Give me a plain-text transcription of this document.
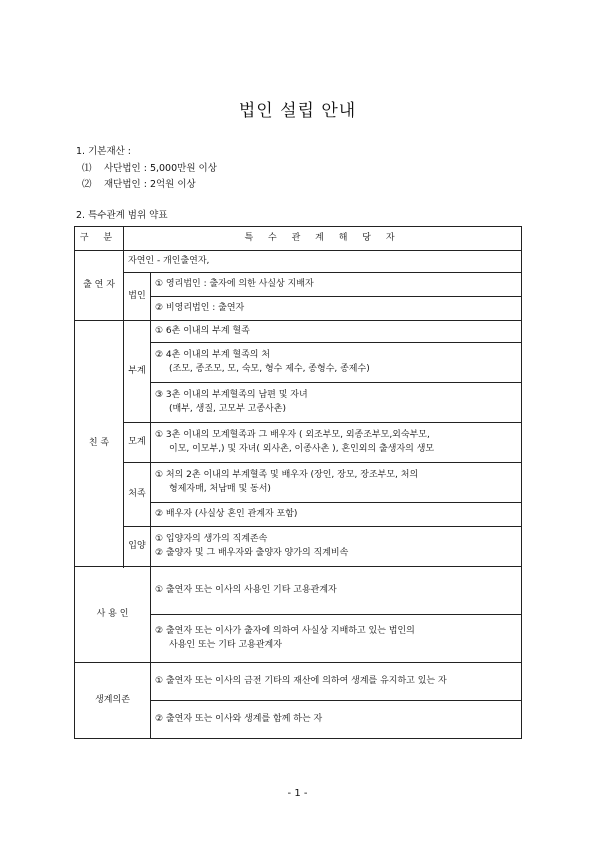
법인 설립 안내
1. 기본재산 :
⑴ 사단법인 : 5,000만원 이상
⑵ 재단법인 : 2억원 이상
2. 특수관계 범위 약표
구 분	특 수 관 계 해 당 자	
출 연 자	자연인 - 개인출연자,	

	법인	① 영리법인 : 출자에 의한 사실상 지배자

		② 비영리법인 : 출연자

친 족	부계	① 6촌 이내의 부계 혈족

		② 4촌 이내의 부계 혈족의 처
(조모, 종조모, 모, 숙모, 형수 제수, 종형수, 종제수)

		③ 3촌 이내의 부계혈족의 남편 및 자녀
(매부, 생질, 고모부 고종사촌)

	모계	① 3촌 이내의 모계혈족과 그 배우자 ( 외조부모, 외종조부모,외숙부모,
이모, 이모부,) 및 자녀( 외사촌, 이종사촌 ), 혼인외의 출생자의 생모

	처족	① 처의 2촌 이내의 부계혈족 및 배우자 (장인, 장모, 장조부모, 처의
형제자매, 처남매 및 동서)

		② 배우자 (사실상 혼인 관계자 포함)

	입양	① 입양자의 생가의 직계존속
② 출양자 및 그 배우자와 출양자 양가의 직계비속

사 용 인		① 출연자 또는 이사의 사용인 기타 고용관계자

		② 출연자 또는 이사가 출자에 의하여 사실상 지배하고 있는 법인의
사용인 또는 기타 고용관계자

생계의존		① 출연자 또는 이사의 금전 기타의 재산에 의하여 생계를 유지하고 있는 자

		② 출연자 또는 이사와 생계를 함께 하는 자
- 1 -
